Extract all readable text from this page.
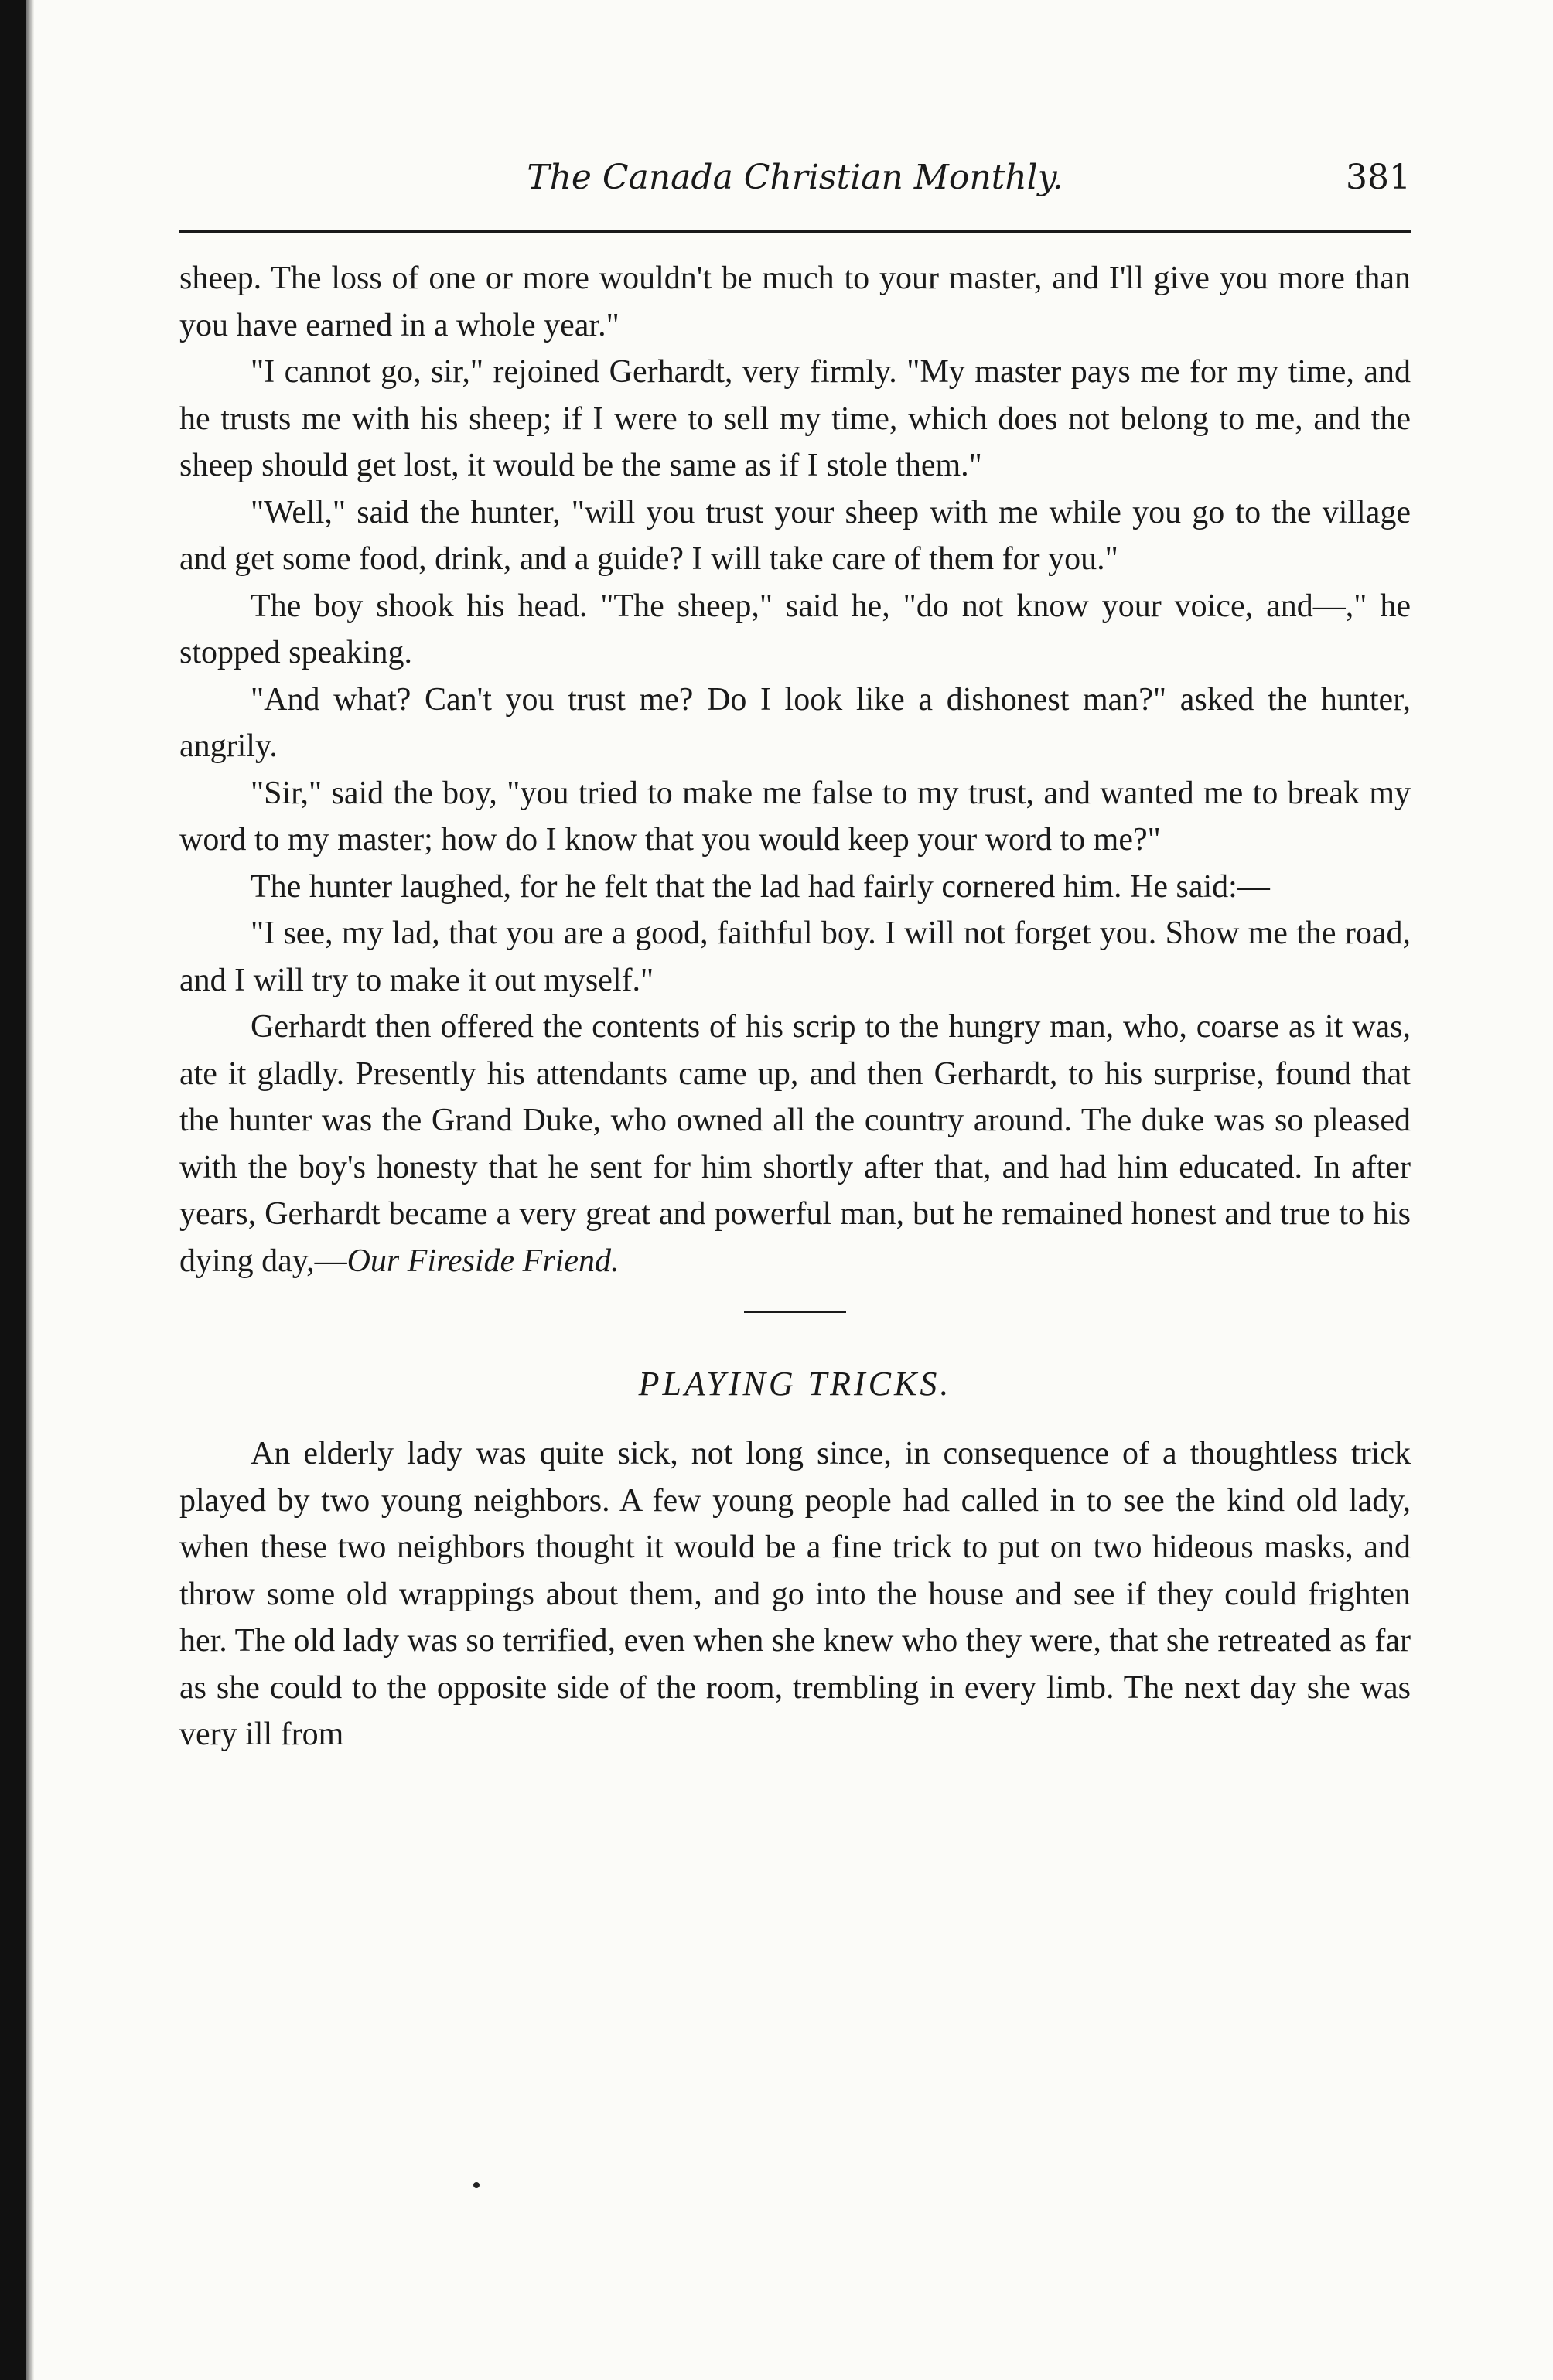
The Canada Christian Monthly.	381

sheep. The loss of one or more wouldn't be much to your master, and I'll give you more than you have earned in a whole year."

"I cannot go, sir," rejoined Gerhardt, very firmly. "My master pays me for my time, and he trusts me with his sheep; if I were to sell my time, which does not belong to me, and the sheep should get lost, it would be the same as if I stole them."

"Well," said the hunter, "will you trust your sheep with me while you go to the village and get some food, drink, and a guide? I will take care of them for you."

The boy shook his head. "The sheep," said he, "do not know your voice, and—," he stopped speaking.

"And what? Can't you trust me? Do I look like a dishonest man?" asked the hunter, angrily.

"Sir," said the boy, "you tried to make me false to my trust, and wanted me to break my word to my master; how do I know that you would keep your word to me?"

The hunter laughed, for he felt that the lad had fairly cornered him. He said:—

"I see, my lad, that you are a good, faithful boy. I will not forget you. Show me the road, and I will try to make it out myself."

Gerhardt then offered the contents of his scrip to the hungry man, who, coarse as it was, ate it gladly. Presently his attendants came up, and then Gerhardt, to his surprise, found that the hunter was the Grand Duke, who owned all the country around. The duke was so pleased with the boy's honesty that he sent for him shortly after that, and had him educated. In after years, Gerhardt became a very great and powerful man, but he remained honest and true to his dying day,—Our Fireside Friend.

PLAYING TRICKS.

An elderly lady was quite sick, not long since, in consequence of a thoughtless trick played by two young neighbors. A few young people had called in to see the kind old lady, when these two neighbors thought it would be a fine trick to put on two hideous masks, and throw some old wrappings about them, and go into the house and see if they could frighten her. The old lady was so terrified, even when she knew who they were, that she retreated as far as she could to the opposite side of the room, trembling in every limb. The next day she was very ill from
